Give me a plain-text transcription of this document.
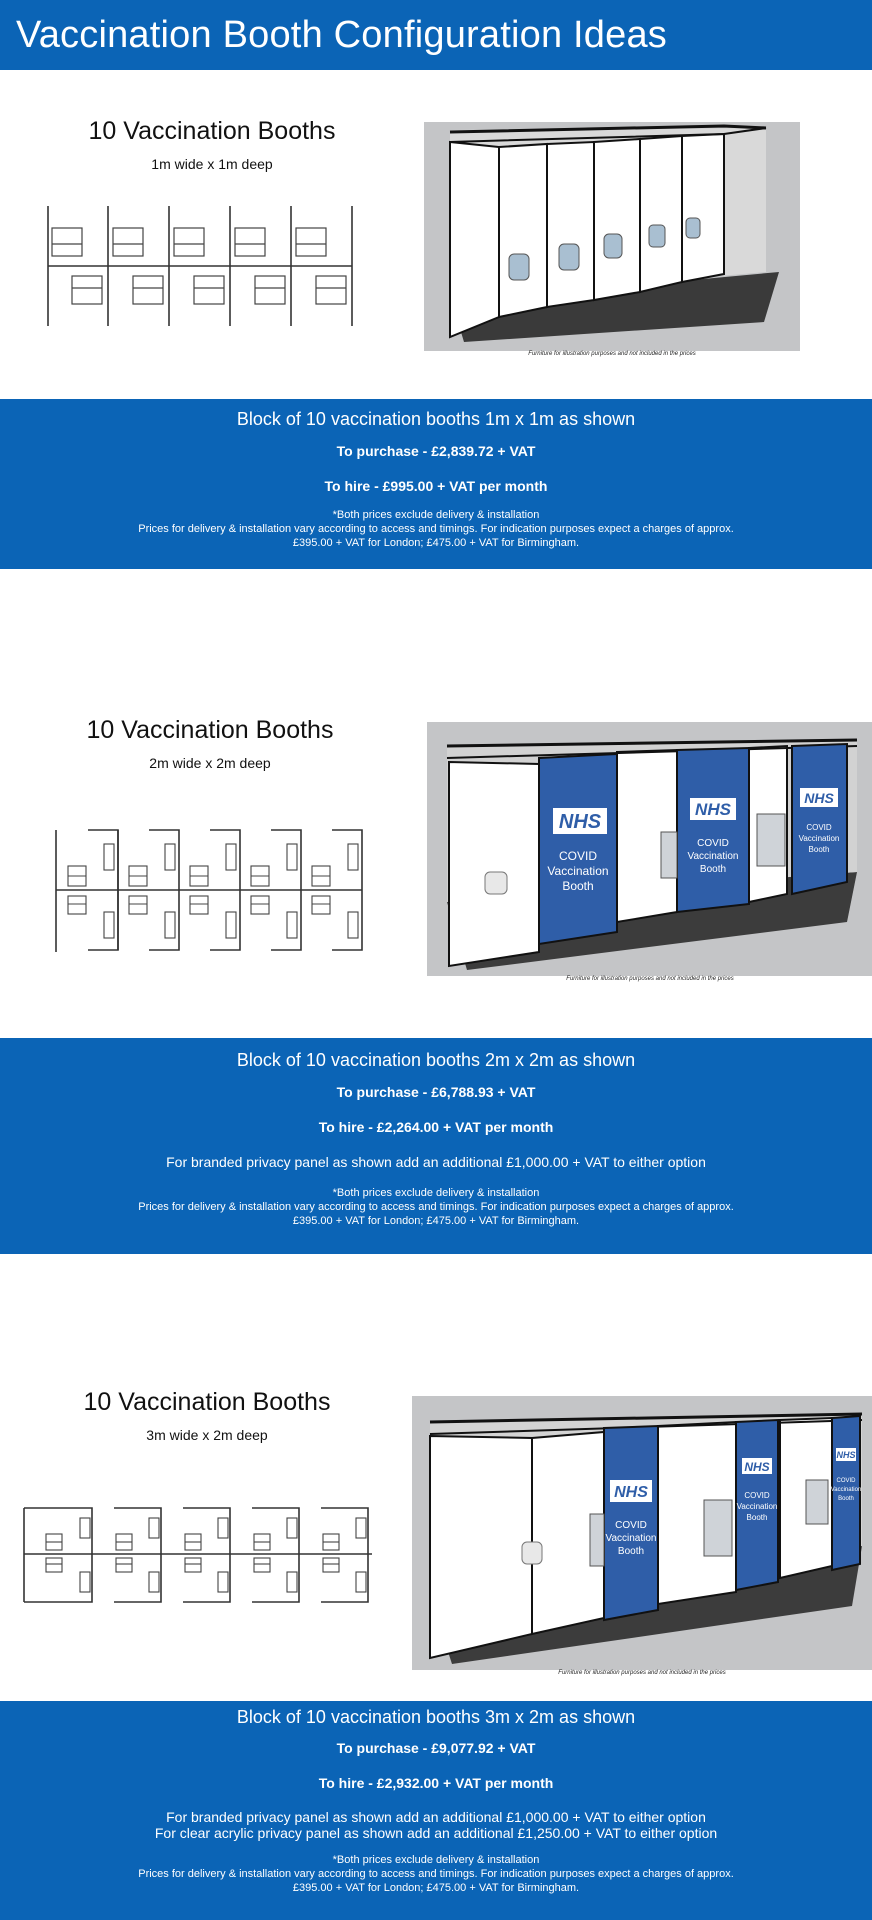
Vaccination Booth Configuration Ideas
10 Vaccination Booths
1m wide x 1m deep
Furniture for illustration purposes and not included in the prices
Block of 10 vaccination booths 1m x 1m as shown
To purchase - £2,839.72 + VAT
To hire - £995.00 + VAT per month
*Both prices exclude delivery & installation
Prices for delivery & installation vary according to access and timings. For indication purposes expect a charges of approx.
£395.00 + VAT for London; £475.00 + VAT for Birmingham.
10 Vaccination Booths
2m wide x 2m deep
NHS
NHS
NHS
COVID
Vaccination
Booth
COVID
Vaccination
Booth
COVID
Vaccination
Booth
Furniture for illustration purposes and not included in the prices
Block of 10 vaccination booths 2m x 2m as shown
To purchase - £6,788.93 + VAT
To hire - £2,264.00 + VAT per month
For branded privacy panel as shown add an additional £1,000.00 + VAT to either option
*Both prices exclude delivery & installation
Prices for delivery & installation vary according to access and timings. For indication purposes expect a charges of approx.
£395.00 + VAT for London; £475.00 + VAT for Birmingham.
10 Vaccination Booths
3m wide x 2m deep
NHS
NHS
NHS
COVID
Vaccination
Booth
COVID
Vaccination
Booth
COVID
Vaccination
Booth
Furniture for illustration purposes and not included in the prices
Block of 10 vaccination booths 3m x 2m as shown
To purchase - £9,077.92 + VAT
To hire - £2,932.00 + VAT per month
For branded privacy panel as shown add an additional £1,000.00 + VAT to either option
For clear acrylic privacy panel as shown add an additional £1,250.00 + VAT to either option
*Both prices exclude delivery & installation
Prices for delivery & installation vary according to access and timings. For indication purposes expect a charges of approx.
£395.00 + VAT for London; £475.00 + VAT for Birmingham.
